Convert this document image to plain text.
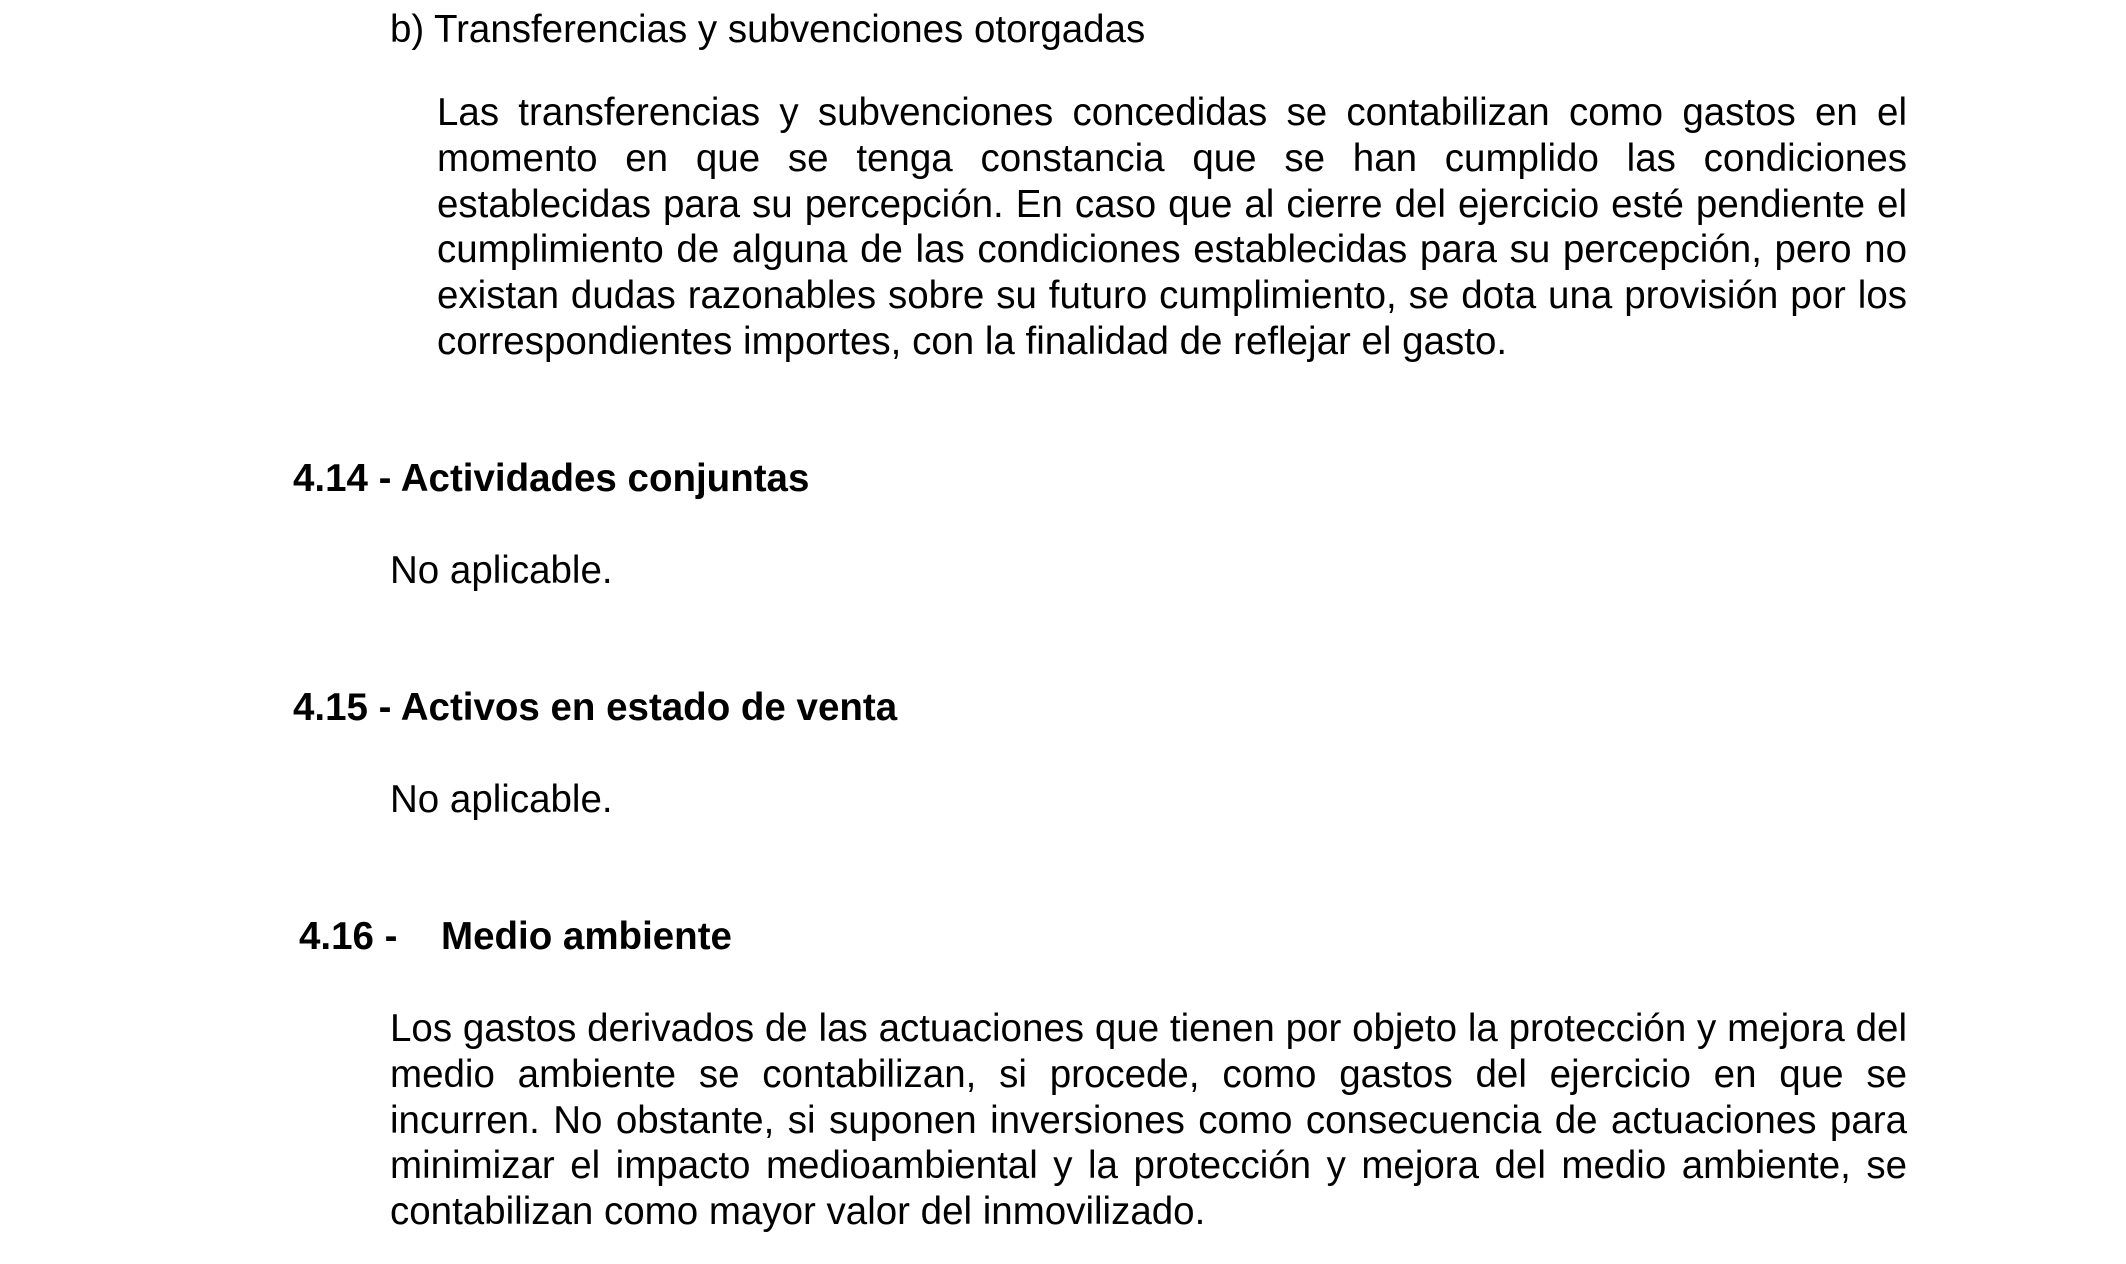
b) Transferencias y subvenciones otorgadas
Las transferencias y subvenciones concedidas se contabilizan como gastos en el momento en que se tenga constancia que se han cumplido las condiciones establecidas para su percepción. En caso que al cierre del ejercicio esté pendiente el cumplimiento de alguna de las condiciones establecidas para su percepción, pero no existan dudas razonables sobre su futuro cumplimiento, se dota una provisión por los correspondientes importes, con la finalidad de reflejar el gasto.
4.14 - Actividades conjuntas
No aplicable.
4.15 - Activos en estado de venta
No aplicable.
4.16 - Medio ambiente
Los gastos derivados de las actuaciones que tienen por objeto la protección y mejora del medio ambiente se contabilizan, si procede, como gastos del ejercicio en que se incurren. No obstante, si suponen inversiones como consecuencia de actuaciones para minimizar el impacto medioambiental y la protección y mejora del medio ambiente, se contabilizan como mayor valor del inmovilizado.
